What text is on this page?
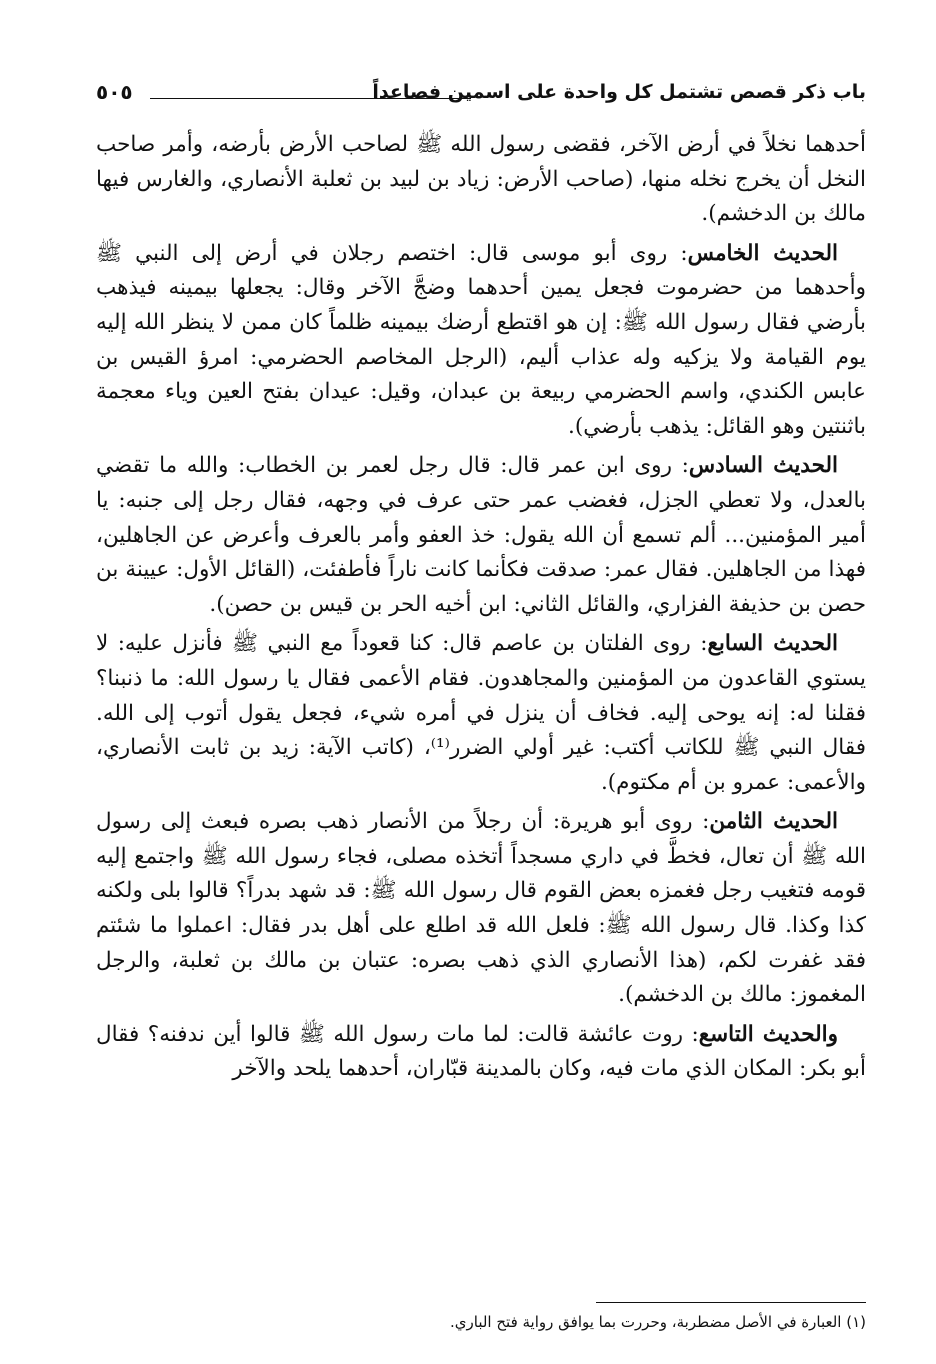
باب ذكر قصص تشتمل كل واحدة على اسمين فصاعداً
٥٠٥

أحدهما نخلاً في أرض الآخر، فقضى رسول الله ﷺ لصاحب الأرض بأرضه، وأمر صاحب النخل أن يخرج نخله منها، (صاحب الأرض: زياد بن لبيد بن ثعلبة الأنصاري، والغارس فيها مالك بن الدخشم).

الحديث الخامس: روى أبو موسى قال: اختصم رجلان في أرض إلى النبي ﷺ وأحدهما من حضرموت فجعل يمين أحدهما وضجَّ الآخر وقال: يجعلها بيمينه فيذهب بأرضي فقال رسول الله ﷺ: إن هو اقتطع أرضك بيمينه ظلماً كان ممن لا ينظر الله إليه يوم القيامة ولا يزكيه وله عذاب أليم، (الرجل المخاصم الحضرمي: امرؤ القيس بن عابس الكندي، واسم الحضرمي ربيعة بن عبدان، وقيل: عيدان بفتح العين وياء معجمة باثنتين وهو القائل: يذهب بأرضي).

الحديث السادس: روى ابن عمر قال: قال رجل لعمر بن الخطاب: والله ما تقضي بالعدل، ولا تعطي الجزل، فغضب عمر حتى عرف في وجهه، فقال رجل إلى جنبه: يا أمير المؤمنين... ألم تسمع أن الله يقول: خذ العفو وأمر بالعرف وأعرض عن الجاهلين، فهذا من الجاهلين. فقال عمر: صدقت فكأنما كانت ناراً فأطفئت، (القائل الأول: عيينة بن حصن بن حذيفة الفزاري، والقائل الثاني: ابن أخيه الحر بن قيس بن حصن).

الحديث السابع: روى الفلتان بن عاصم قال: كنا قعوداً مع النبي ﷺ فأنزل عليه: لا يستوي القاعدون من المؤمنين والمجاهدون. فقام الأعمى فقال يا رسول الله: ما ذنبنا؟ فقلنا له: إنه يوحى إليه. فخاف أن ينزل في أمره شيء، فجعل يقول أتوب إلى الله. فقال النبي ﷺ للكاتب أكتب: غير أولي الضرر⁽¹⁾، (كاتب الآية: زيد بن ثابت الأنصاري، والأعمى: عمرو بن أم مكتوم).

الحديث الثامن: روى أبو هريرة: أن رجلاً من الأنصار ذهب بصره فبعث إلى رسول الله ﷺ أن تعال، فخطَّ في داري مسجداً أتخذه مصلى، فجاء رسول الله ﷺ واجتمع إليه قومه فتغيب رجل فغمزه بعض القوم قال رسول الله ﷺ: قد شهد بدراً؟ قالوا بلى ولكنه كذا وكذا. قال رسول الله ﷺ: فلعل الله قد اطلع على أهل بدر فقال: اعملوا ما شئتم فقد غفرت لكم، (هذا الأنصاري الذي ذهب بصره: عتبان بن مالك بن ثعلبة، والرجل المغموز: مالك بن الدخشم).

والحديث التاسع: روت عائشة قالت: لما مات رسول الله ﷺ قالوا أين ندفنه؟ فقال أبو بكر: المكان الذي مات فيه، وكان بالمدينة قبّاران، أحدهما يلحد والآخر

(١) العبارة في الأصل مضطربة، وحررت بما يوافق رواية فتح الباري.
